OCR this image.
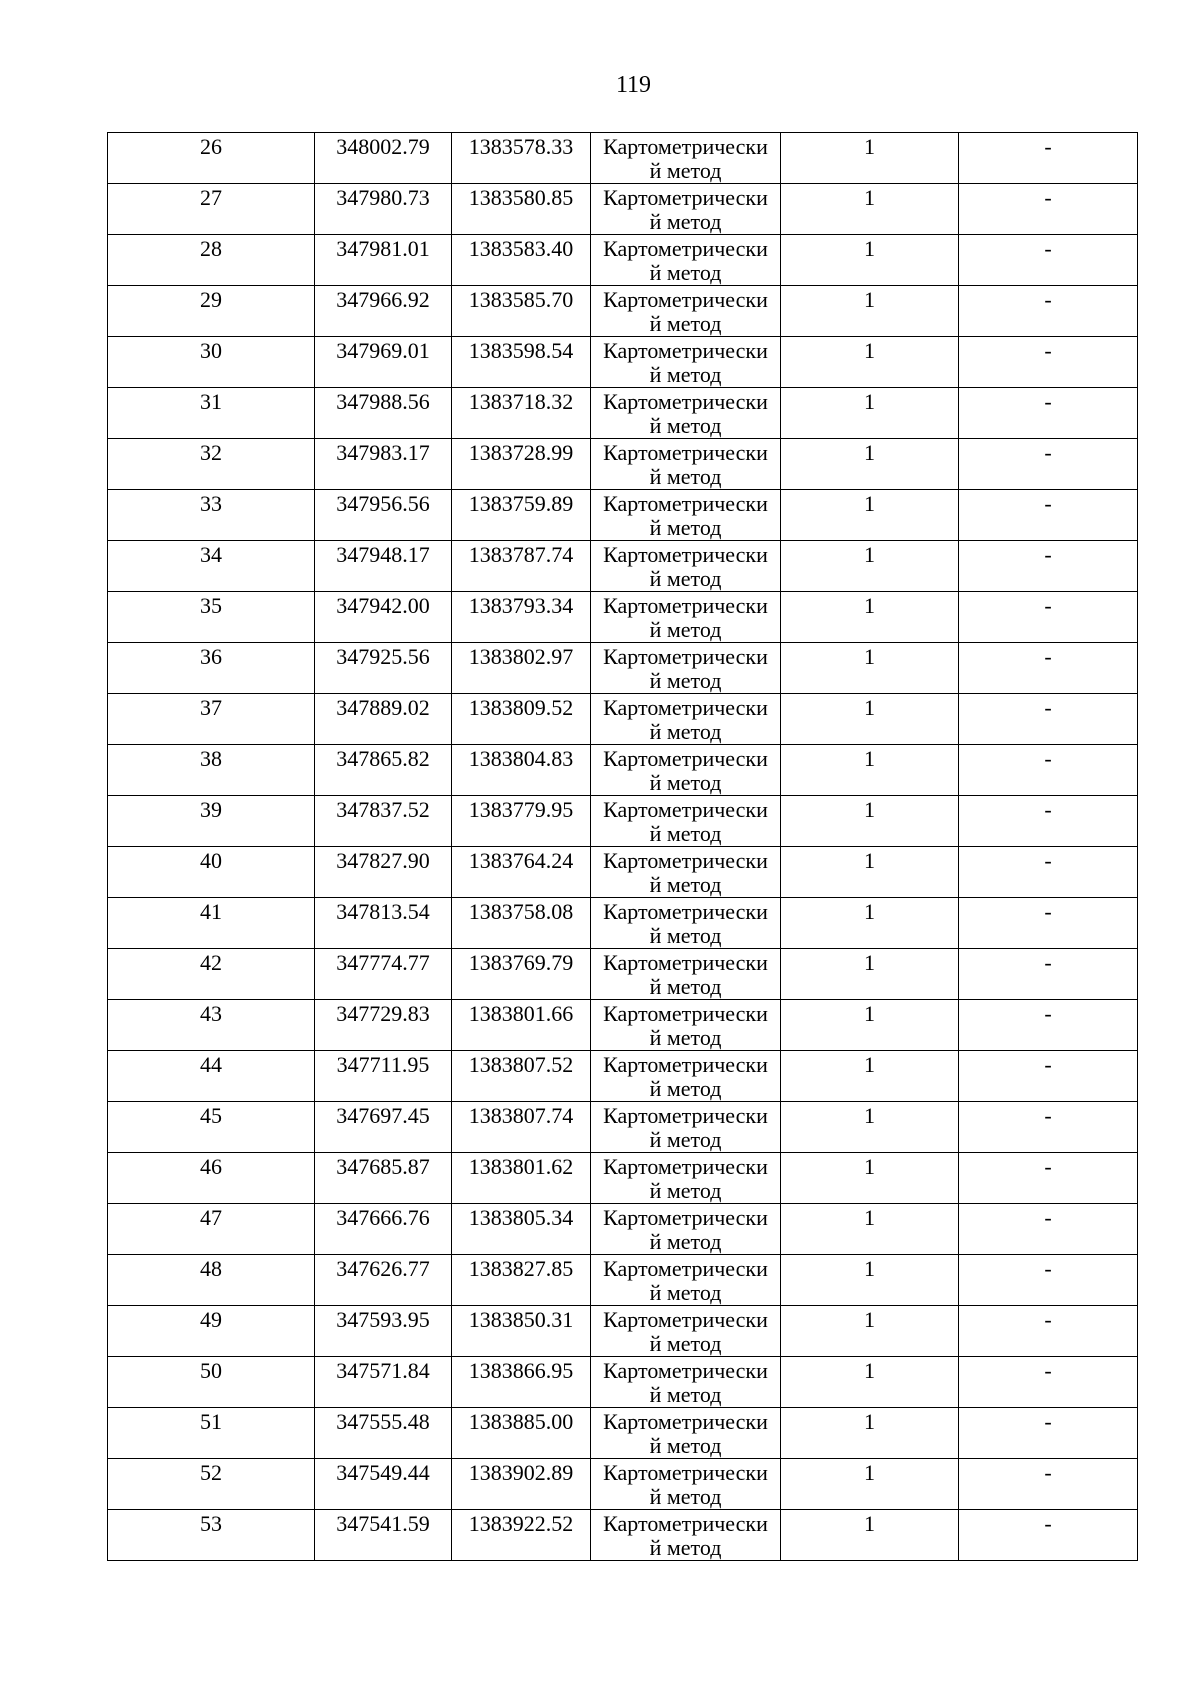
119
26	348002.79	1383578.33	Картометрически
й метод	1	-

27	347980.73	1383580.85	Картометрически
й метод	1	-

28	347981.01	1383583.40	Картометрически
й метод	1	-

29	347966.92	1383585.70	Картометрически
й метод	1	-

30	347969.01	1383598.54	Картометрически
й метод	1	-

31	347988.56	1383718.32	Картометрически
й метод	1	-

32	347983.17	1383728.99	Картометрически
й метод	1	-

33	347956.56	1383759.89	Картометрически
й метод	1	-

34	347948.17	1383787.74	Картометрически
й метод	1	-

35	347942.00	1383793.34	Картометрически
й метод	1	-

36	347925.56	1383802.97	Картометрически
й метод	1	-

37	347889.02	1383809.52	Картометрически
й метод	1	-

38	347865.82	1383804.83	Картометрически
й метод	1	-

39	347837.52	1383779.95	Картометрически
й метод	1	-

40	347827.90	1383764.24	Картометрически
й метод	1	-

41	347813.54	1383758.08	Картометрически
й метод	1	-

42	347774.77	1383769.79	Картометрически
й метод	1	-

43	347729.83	1383801.66	Картометрически
й метод	1	-

44	347711.95	1383807.52	Картометрически
й метод	1	-

45	347697.45	1383807.74	Картометрически
й метод	1	-

46	347685.87	1383801.62	Картометрически
й метод	1	-

47	347666.76	1383805.34	Картометрически
й метод	1	-

48	347626.77	1383827.85	Картометрически
й метод	1	-

49	347593.95	1383850.31	Картометрически
й метод	1	-

50	347571.84	1383866.95	Картометрически
й метод	1	-

51	347555.48	1383885.00	Картометрически
й метод	1	-

52	347549.44	1383902.89	Картометрически
й метод	1	-

53	347541.59	1383922.52	Картометрически
й метод	1	-
